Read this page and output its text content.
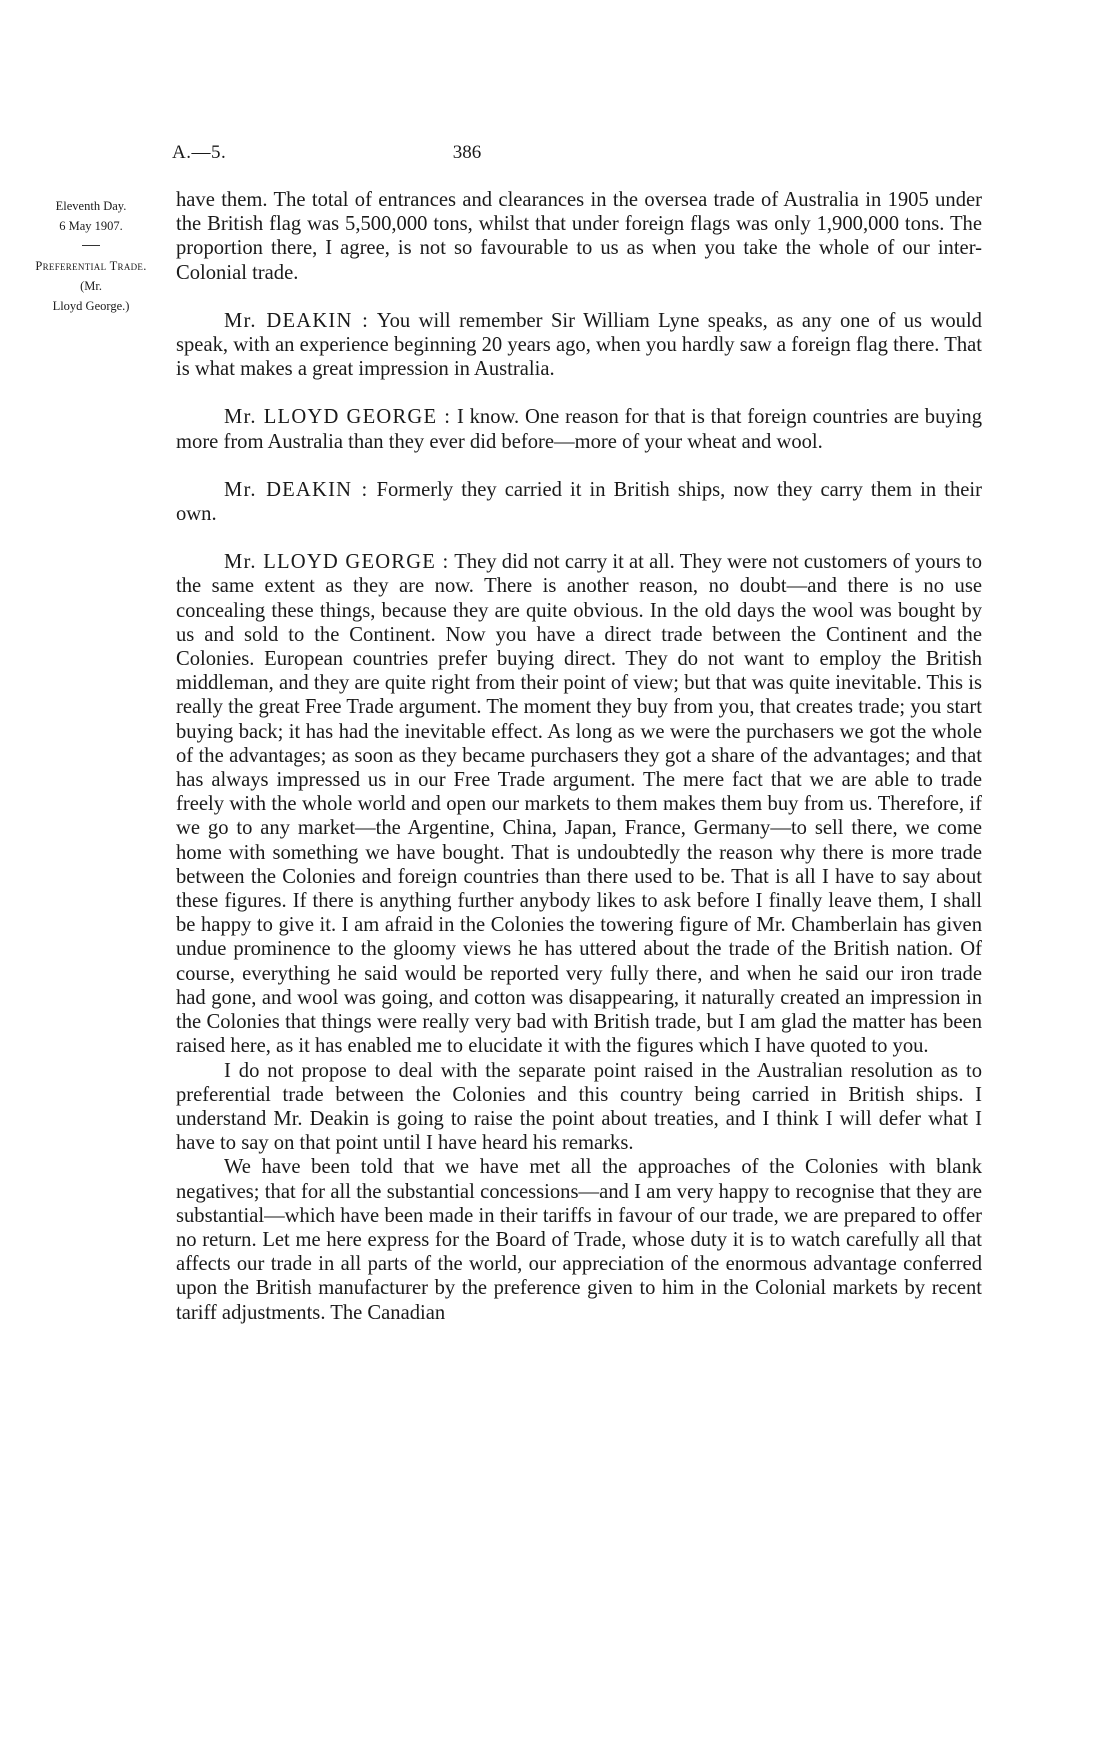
A.—5.	386
Eleventh Day.
6 May 1907.
Preferential Trade.
(Mr.
Lloyd George.)

have them. The total of entrances and clearances in the oversea trade of Australia in 1905 under the British flag was 5,500,000 tons, whilst that under foreign flags was only 1,900,000 tons. The proportion there, I agree, is not so favourable to us as when you take the whole of our inter-Colonial trade.

Mr. DEAKIN : You will remember Sir William Lyne speaks, as any one of us would speak, with an experience beginning 20 years ago, when you hardly saw a foreign flag there. That is what makes a great impression in Australia.

Mr. LLOYD GEORGE : I know. One reason for that is that foreign countries are buying more from Australia than they ever did before—more of your wheat and wool.

Mr. DEAKIN : Formerly they carried it in British ships, now they carry them in their own.

Mr. LLOYD GEORGE : They did not carry it at all. They were not customers of yours to the same extent as they are now. There is another reason, no doubt—and there is no use concealing these things, because they are quite obvious. In the old days the wool was bought by us and sold to the Continent. Now you have a direct trade between the Continent and the Colonies. European countries prefer buying direct. They do not want to employ the British middleman, and they are quite right from their point of view; but that was quite inevitable. This is really the great Free Trade argument. The moment they buy from you, that creates trade; you start buying back; it has had the inevitable effect. As long as we were the purchasers we got the whole of the advantages; as soon as they became purchasers they got a share of the advantages; and that has always impressed us in our Free Trade argument. The mere fact that we are able to trade freely with the whole world and open our markets to them makes them buy from us. Therefore, if we go to any market—the Argentine, China, Japan, France, Germany—to sell there, we come home with something we have bought. That is undoubtedly the reason why there is more trade between the Colonies and foreign countries than there used to be. That is all I have to say about these figures. If there is anything further anybody likes to ask before I finally leave them, I shall be happy to give it. I am afraid in the Colonies the towering figure of Mr. Chamberlain has given undue prominence to the gloomy views he has uttered about the trade of the British nation. Of course, everything he said would be reported very fully there, and when he said our iron trade had gone, and wool was going, and cotton was disappearing, it naturally created an impression in the Colonies that things were really very bad with British trade, but I am glad the matter has been raised here, as it has enabled me to elucidate it with the figures which I have quoted to you.

I do not propose to deal with the separate point raised in the Australian resolution as to preferential trade between the Colonies and this country being carried in British ships. I understand Mr. Deakin is going to raise the point about treaties, and I think I will defer what I have to say on that point until I have heard his remarks.

We have been told that we have met all the approaches of the Colonies with blank negatives; that for all the substantial concessions—and I am very happy to recognise that they are substantial—which have been made in their tariffs in favour of our trade, we are prepared to offer no return. Let me here express for the Board of Trade, whose duty it is to watch carefully all that affects our trade in all parts of the world, our appreciation of the enormous advantage conferred upon the British manufacturer by the preference given to him in the Colonial markets by recent tariff adjustments. The Canadian
